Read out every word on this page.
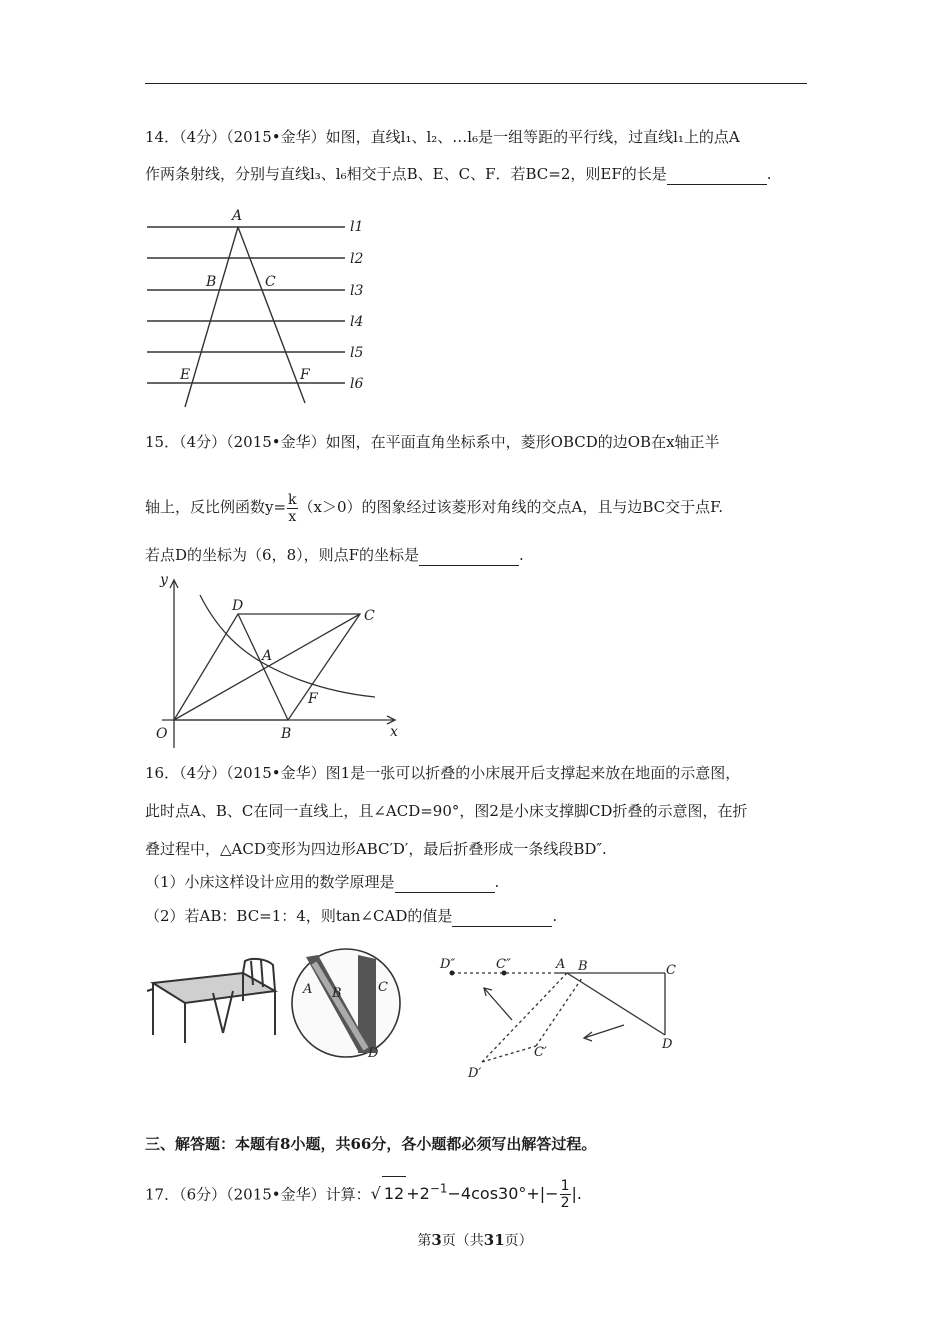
14．（4分）（2015•金华）如图，直线l₁、l₂、…l₆是一组等距的平行线，过直线l₁上的点A
作两条射线，分别与直线l₃、l₆相交于点B、E、C、F．若BC=2，则EF的长是	.
A
B	C
E	F
l1
l2
l3
l4
l5
l6
15．（4分）（2015•金华）如图，在平面直角坐标系中，菱形OBCD的边OB在x轴正半
轴上，反比例函数$y= \frac{k}{x} (x>0)$的图象经过该菱形对角线的交点A，且与边BC交于点F.
若点D的坐标为（6，8），则点F的坐标是	.
y
x
O	B
C
D
A
F
16．（4分）（2015•金华）图1是一张可以折叠的小床展开后支撑起来放在地面的示意图，
此时点A、B、C在同一直线上，且∠ACD=90°，图2是小床支撑脚CD折叠的示意图，在折
叠过程中，△ACD变形为四边形ABC′D′，最后折叠形成一条线段BD″.
（1）小床这样设计应用的数学原理是	.
（2）若AB：BC=1：4，则tan∠CAD的值是	.
A B	C
D
D″	C″	A B	C
D
C′
D′
三、解答题：本题有8小题，共66分，各小题都必须写出解答过程。
17．（6分）（2015•金华）计算：√ $12 +2^{-1}-4\cos 30^\circ+|- \frac{1}{2}$ |.
第3页（共31页）
